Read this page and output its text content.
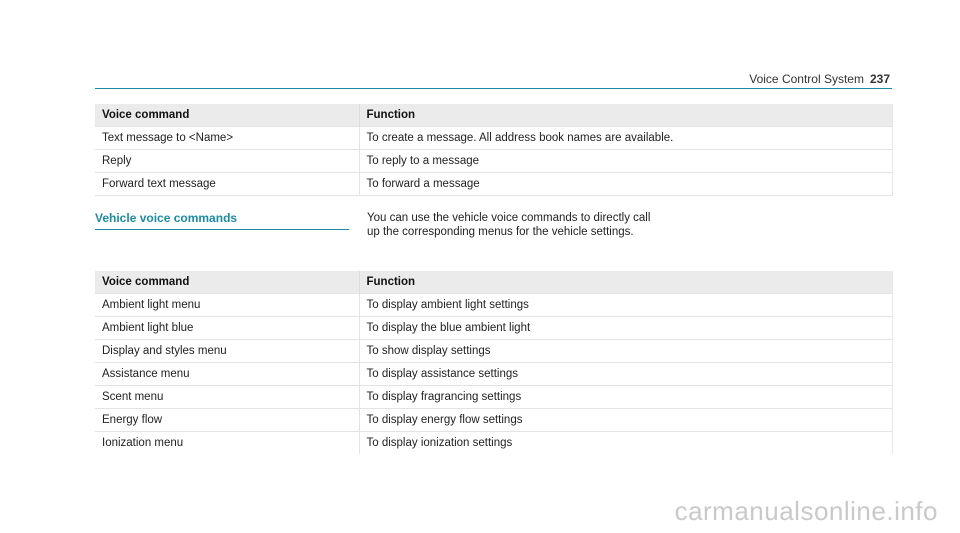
Voice Control System 237
Voice command	Function
Text message to <Name>	To create a message. All address book names are available.
Reply	To reply to a message
Forward text message	To forward a message
Vehicle voice commands	You can use the vehicle voice commands to directly call up the corresponding menus for the vehicle settings.
Voice command	Function
Ambient light menu	To display ambient light settings
Ambient light blue	To display the blue ambient light
Display and styles menu	To show display settings
Assistance menu	To display assistance settings
Scent menu	To display fragrancing settings
Energy flow	To display energy flow settings
Ionization menu	To display ionization settings
carmanualsonline.info
